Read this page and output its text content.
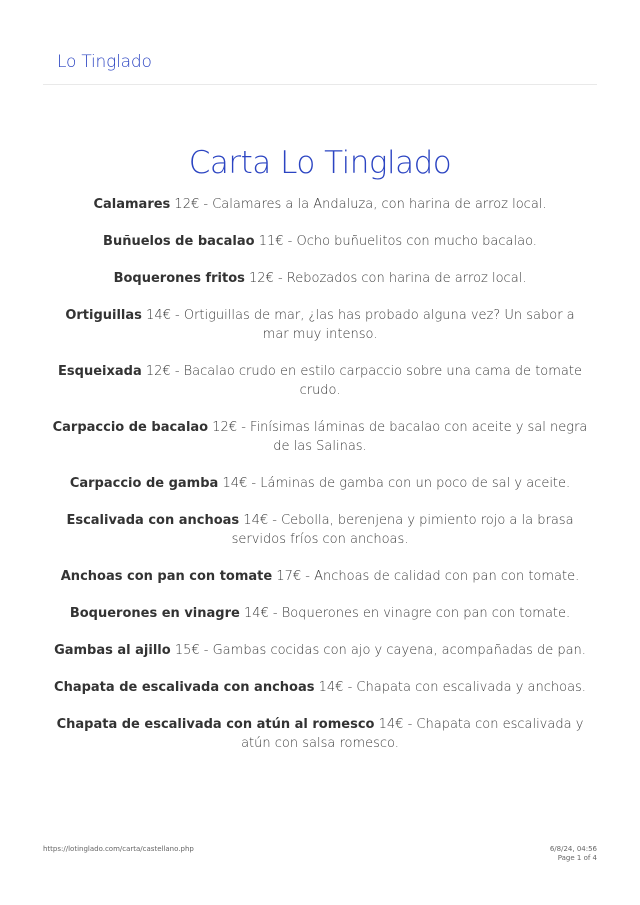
Lo Tinglado
Carta Lo Tinglado
Calamares 12€ - Calamares a la Andaluza, con harina de arroz local.
Buñuelos de bacalao 11€ - Ocho buñuelitos con mucho bacalao.
Boquerones fritos 12€ - Rebozados con harina de arroz local.
Ortiguillas 14€ - Ortiguillas de mar, ¿las has probado alguna vez? Un sabor a mar muy intenso.
Esqueixada 12€ - Bacalao crudo en estilo carpaccio sobre una cama de tomate crudo.
Carpaccio de bacalao 12€ - Finísimas láminas de bacalao con aceite y sal negra de las Salinas.
Carpaccio de gamba 14€ - Láminas de gamba con un poco de sal y aceite.
Escalivada con anchoas 14€ - Cebolla, berenjena y pimiento rojo a la brasa servidos fríos con anchoas.
Anchoas con pan con tomate 17€ - Anchoas de calidad con pan con tomate.
Boquerones en vinagre 14€ - Boquerones en vinagre con pan con tomate.
Gambas al ajillo 15€ - Gambas cocidas con ajo y cayena, acompañadas de pan.
Chapata de escalivada con anchoas 14€ - Chapata con escalivada y anchoas.
Chapata de escalivada con atún al romesco 14€ - Chapata con escalivada y atún con salsa romesco.
https://lotinglado.com/carta/castellano.php	6/8/24, 04:56
Page 1 of 4
